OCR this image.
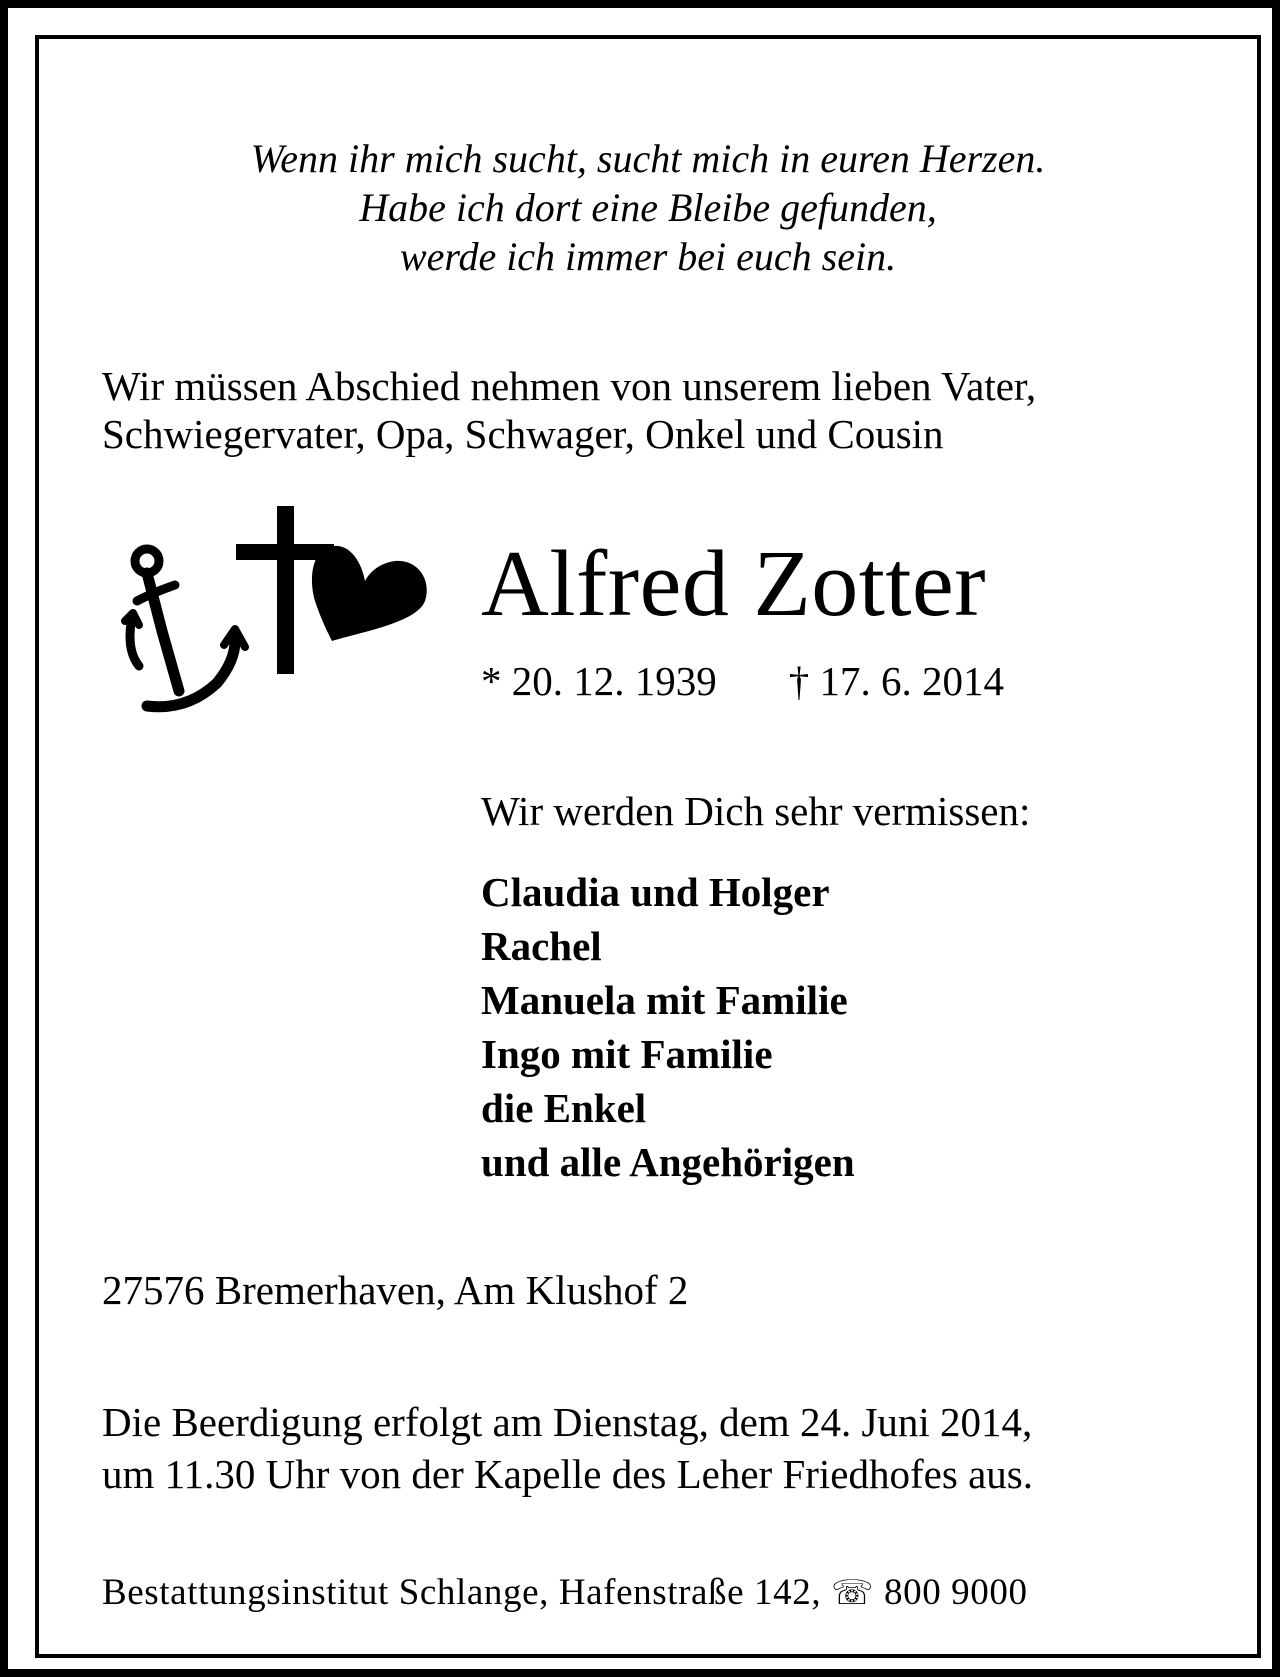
Wenn ihr mich sucht, sucht mich in euren Herzen.
Habe ich dort eine Bleibe gefunden,
werde ich immer bei euch sein.
Wir müssen Abschied nehmen von unserem lieben Vater,
Schwiegervater, Opa, Schwager, Onkel und Cousin
Alfred Zotter
* 20. 12. 1939 † 17. 6. 2014
Wir werden Dich sehr vermissen:
Claudia und Holger
Rachel
Manuela mit Familie
Ingo mit Familie
die Enkel
und alle Angehörigen
27576 Bremerhaven, Am Klushof 2
Die Beerdigung erfolgt am Dienstag, dem 24. Juni 2014,
um 11.30 Uhr von der Kapelle des Leher Friedhofes aus.
Bestattungsinstitut Schlange, Hafenstraße 142, ☏ 800 9000
